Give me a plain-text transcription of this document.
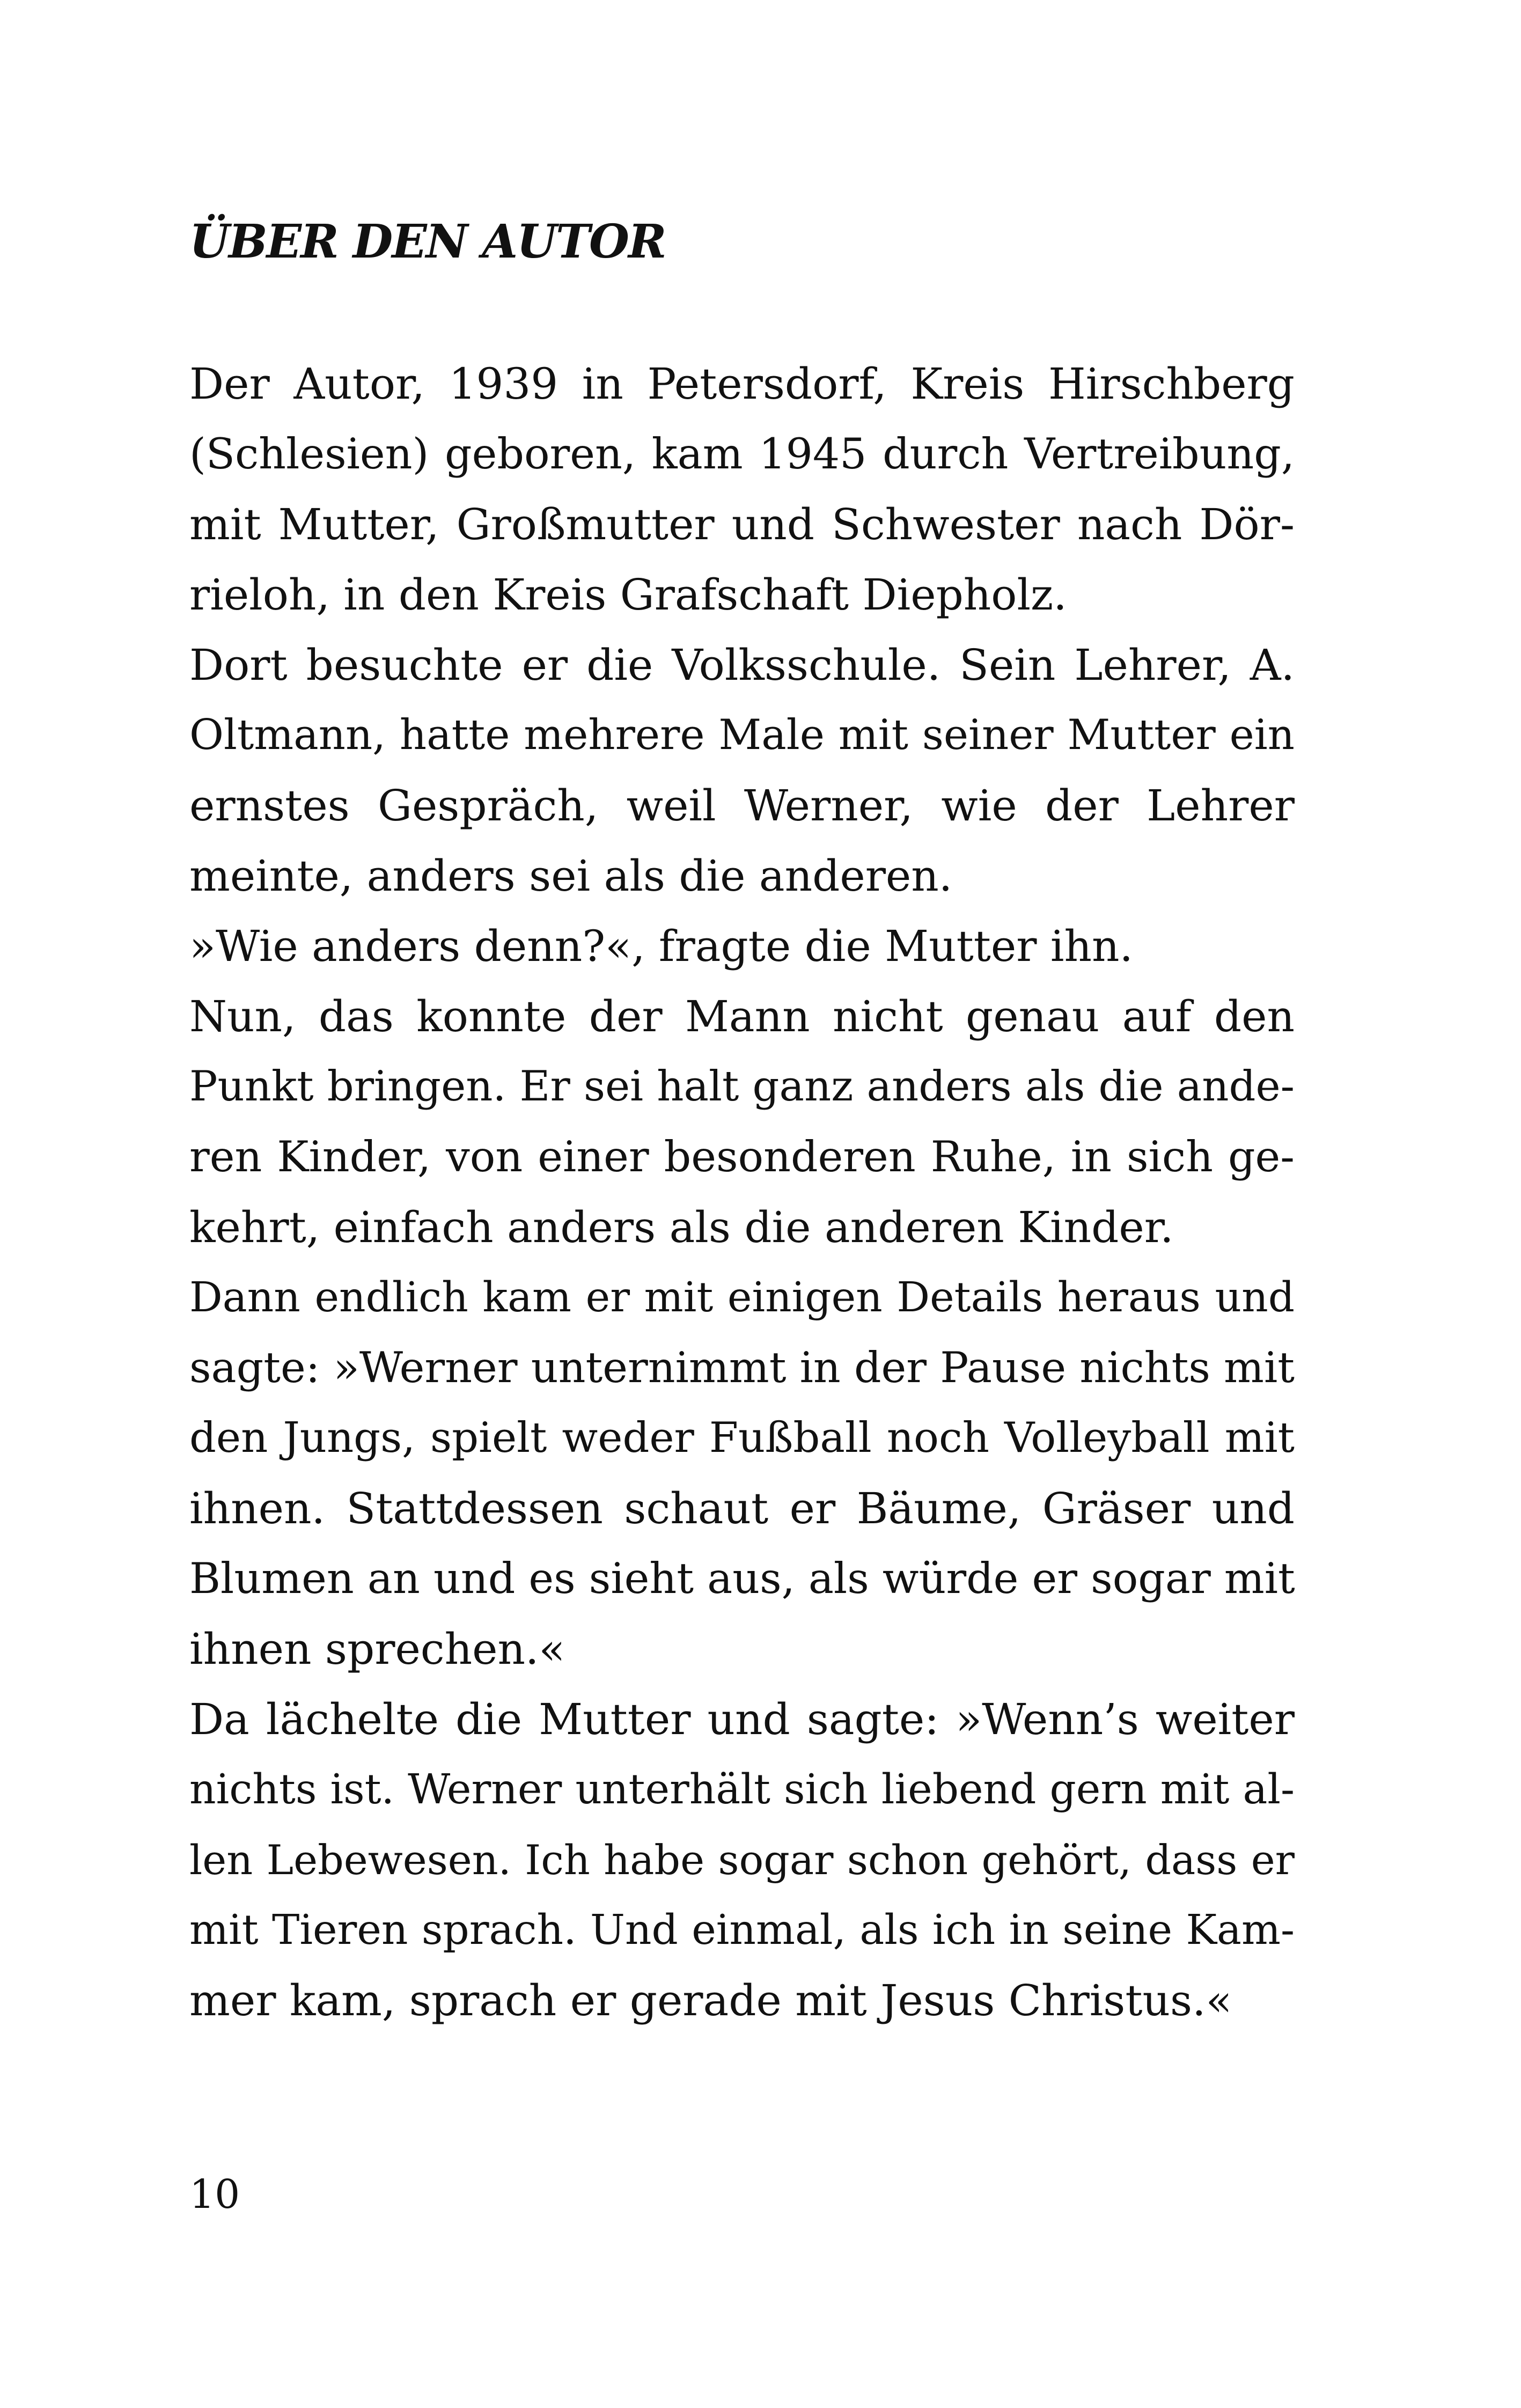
ÜBER DEN AUTOR
Der Autor, 1939 in Petersdorf, Kreis Hirschberg
(Schlesien) geboren, kam 1945 durch Vertreibung,
mit Mutter, Großmutter und Schwester nach Dör-
rieloh, in den Kreis Grafschaft Diepholz.
Dort besuchte er die Volksschule. Sein Lehrer, A.
Oltmann, hatte mehrere Male mit seiner Mutter ein
ernstes Gespräch, weil Werner, wie der Lehrer
meinte, anders sei als die anderen.
»Wie anders denn?«, fragte die Mutter ihn.
Nun, das konnte der Mann nicht genau auf den
Punkt bringen. Er sei halt ganz anders als die ande-
ren Kinder, von einer besonderen Ruhe, in sich ge-
kehrt, einfach anders als die anderen Kinder.
Dann endlich kam er mit einigen Details heraus und
sagte: »Werner unternimmt in der Pause nichts mit
den Jungs, spielt weder Fußball noch Volleyball mit
ihnen. Stattdessen schaut er Bäume, Gräser und
Blumen an und es sieht aus, als würde er sogar mit
ihnen sprechen.«
Da lächelte die Mutter und sagte: »Wenn’s weiter
nichts ist. Werner unterhält sich liebend gern mit al-
len Lebewesen. Ich habe sogar schon gehört, dass er
mit Tieren sprach. Und einmal, als ich in seine Kam-
mer kam, sprach er gerade mit Jesus Christus.«
10
